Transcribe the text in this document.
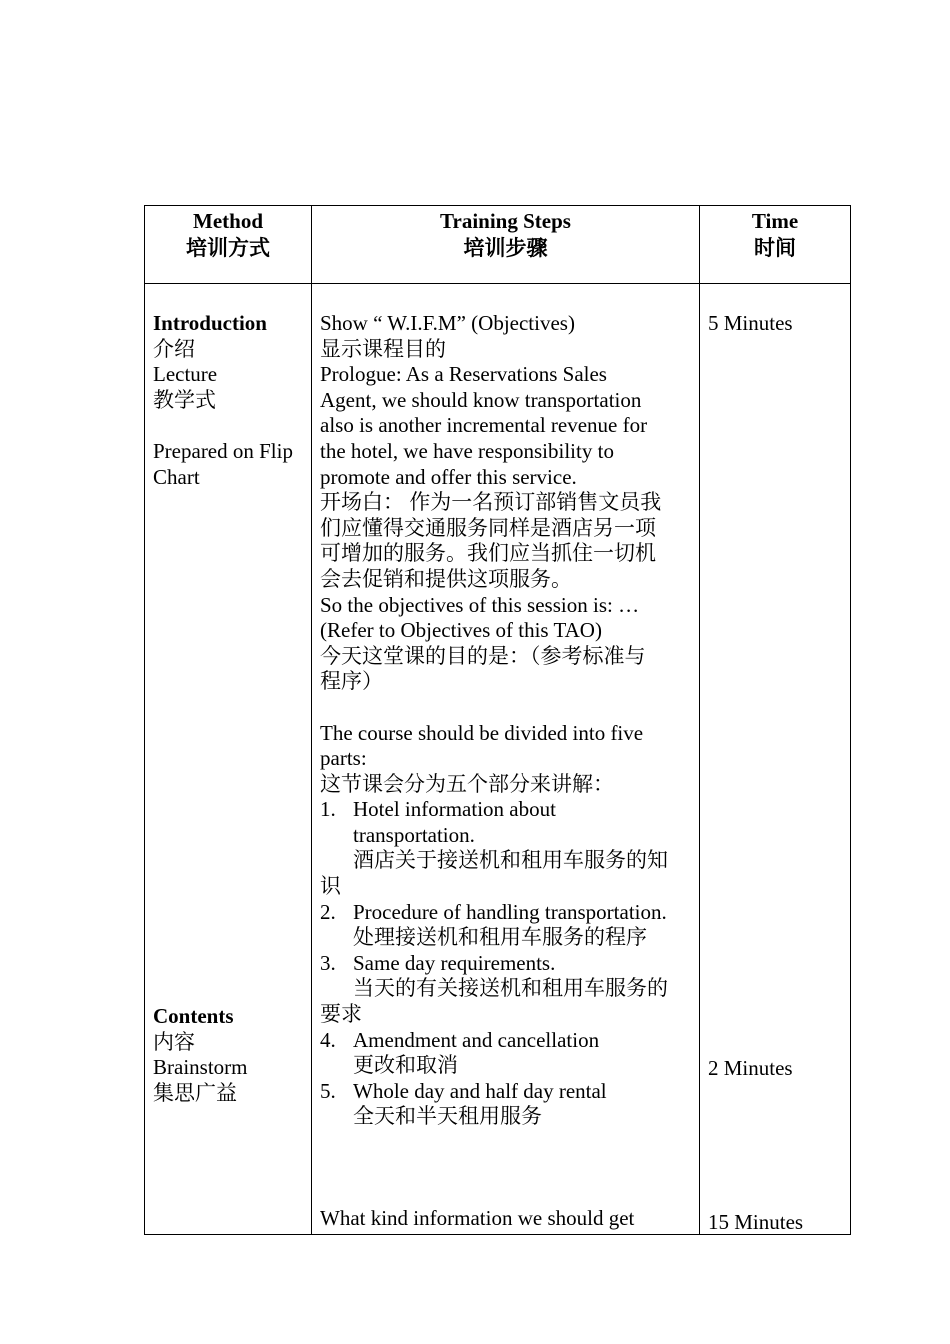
Method
培训方式
Training Steps
培训步骤
Time
时间
Introduction
介绍
Lecture
教学式
Prepared on Flip
Chart
Contents
内容
Brainstorm
集思广益
Show “ W.I.F.M” (Objectives)
显示课程目的
Prologue: As a Reservations Sales
Agent, we should know transportation
also is another incremental revenue for
the hotel, we have responsibility to
promote and offer this service.
开场白： 作为一名预订部销售文员我
们应懂得交通服务同样是酒店另一项
可增加的服务。我们应当抓住一切机
会去促销和提供这项服务。
So the objectives of this session is: …
(Refer to Objectives of this TAO)
今天这堂课的目的是：（参考标准与
程序）
The course should be divided into five
parts:
这节课会分为五个部分来讲解：
1. Hotel information about
transportation.
酒店关于接送机和租用车服务的知
识
2. Procedure of handling transportation.
处理接送机和租用车服务的程序
3. Same day requirements.
当天的有关接送机和租用车服务的
要求
4. Amendment and cancellation
更改和取消
5. Whole day and half day rental
全天和半天租用服务
What kind information we should get
5 Minutes
2 Minutes
15 Minutes
